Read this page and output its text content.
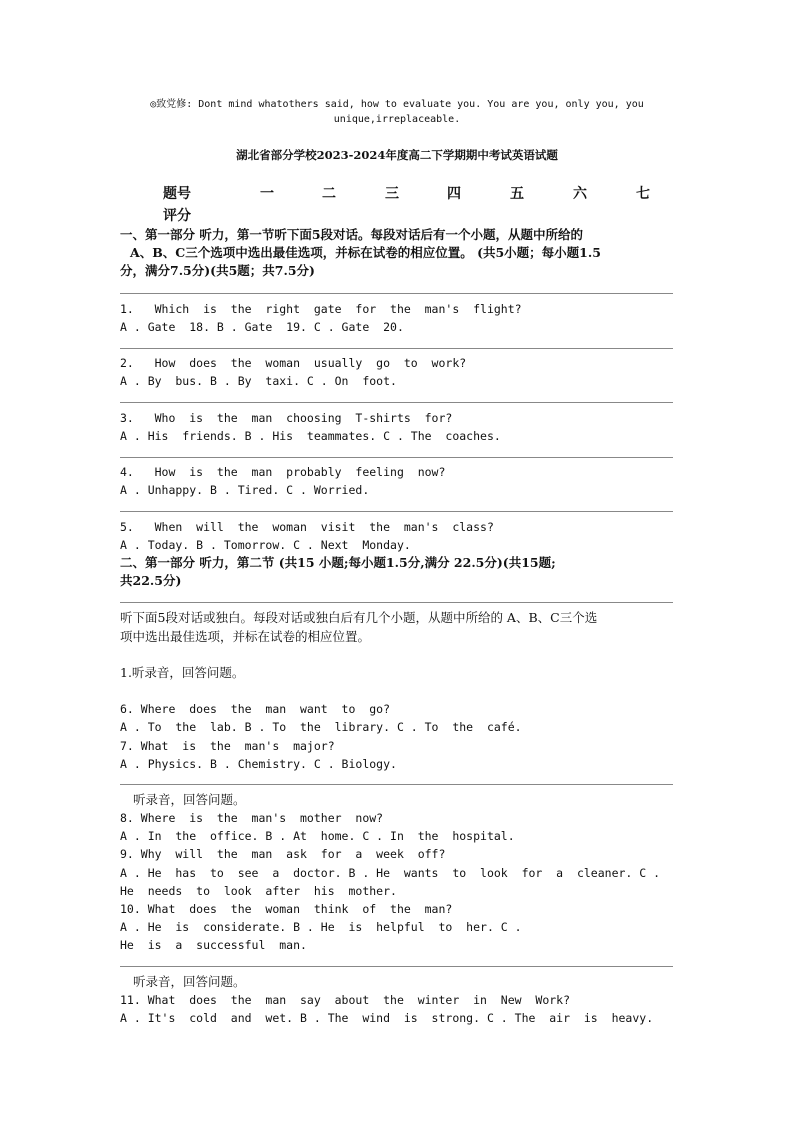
◎致党修: Dont mind whatothers said, how to evaluate you. You are you, only you, you
unique,irreplaceable.
湖北省部分学校2023-2024年度高二下学期期中考试英语试题
题号	一	二	三	四	五	六	七
评分
一、第一部分 听力，第一节听下面5段对话。每段对话后有一个小题，从题中所给的
A、B、C三个选项中选出最佳选项，并标在试卷的相应位置。 (共5小题；每小题1.5
分，满分7.5分)(共5题；共7.5分)
1.   Which  is  the  right  gate  for  the  man's  flight?
A . Gate  18. B . Gate  19. C . Gate  20.
2.   How  does  the  woman  usually  go  to  work?
A . By  bus. B . By  taxi. C . On  foot.
3.   Who  is  the  man  choosing  T-shirts  for?
A . His  friends. B . His  teammates. C . The  coaches.
4.   How  is  the  man  probably  feeling  now?
A . Unhappy. B . Tired. C . Worried.
5.   When  will  the  woman  visit  the  man's  class?
A . Today. B . Tomorrow. C . Next  Monday.
二、第一部分 听力，第二节 (共15 小题;每小题1.5分,满分 22.5分)(共15题;
共22.5分)
听下面5段对话或独白。每段对话或独白后有几个小题，从题中所给的 A、B、C三个选
项中选出最佳选项，并标在试卷的相应位置。
1.听录音，回答问题。
6. Where  does  the  man  want  to  go?
A . To  the  lab. B . To  the  library. C . To  the  café.
7. What  is  the  man's  major?
A . Physics. B . Chemistry. C . Biology.
听录音，回答问题。
8. Where  is  the  man's  mother  now?
A . In  the  office. B . At  home. C . In  the  hospital.
9. Why  will  the  man  ask  for  a  week  off?
A . He  has  to  see  a  doctor. B . He  wants  to  look  for  a  cleaner. C .
He  needs  to  look  after  his  mother.
10. What  does  the  woman  think  of  the  man?
A . He  is  considerate. B . He  is  helpful  to  her. C .
He  is  a  successful  man.
听录音，回答问题。
11. What  does  the  man  say  about  the  winter  in  New  Work?
A . It's  cold  and  wet. B . The  wind  is  strong. C . The  air  is  heavy.
